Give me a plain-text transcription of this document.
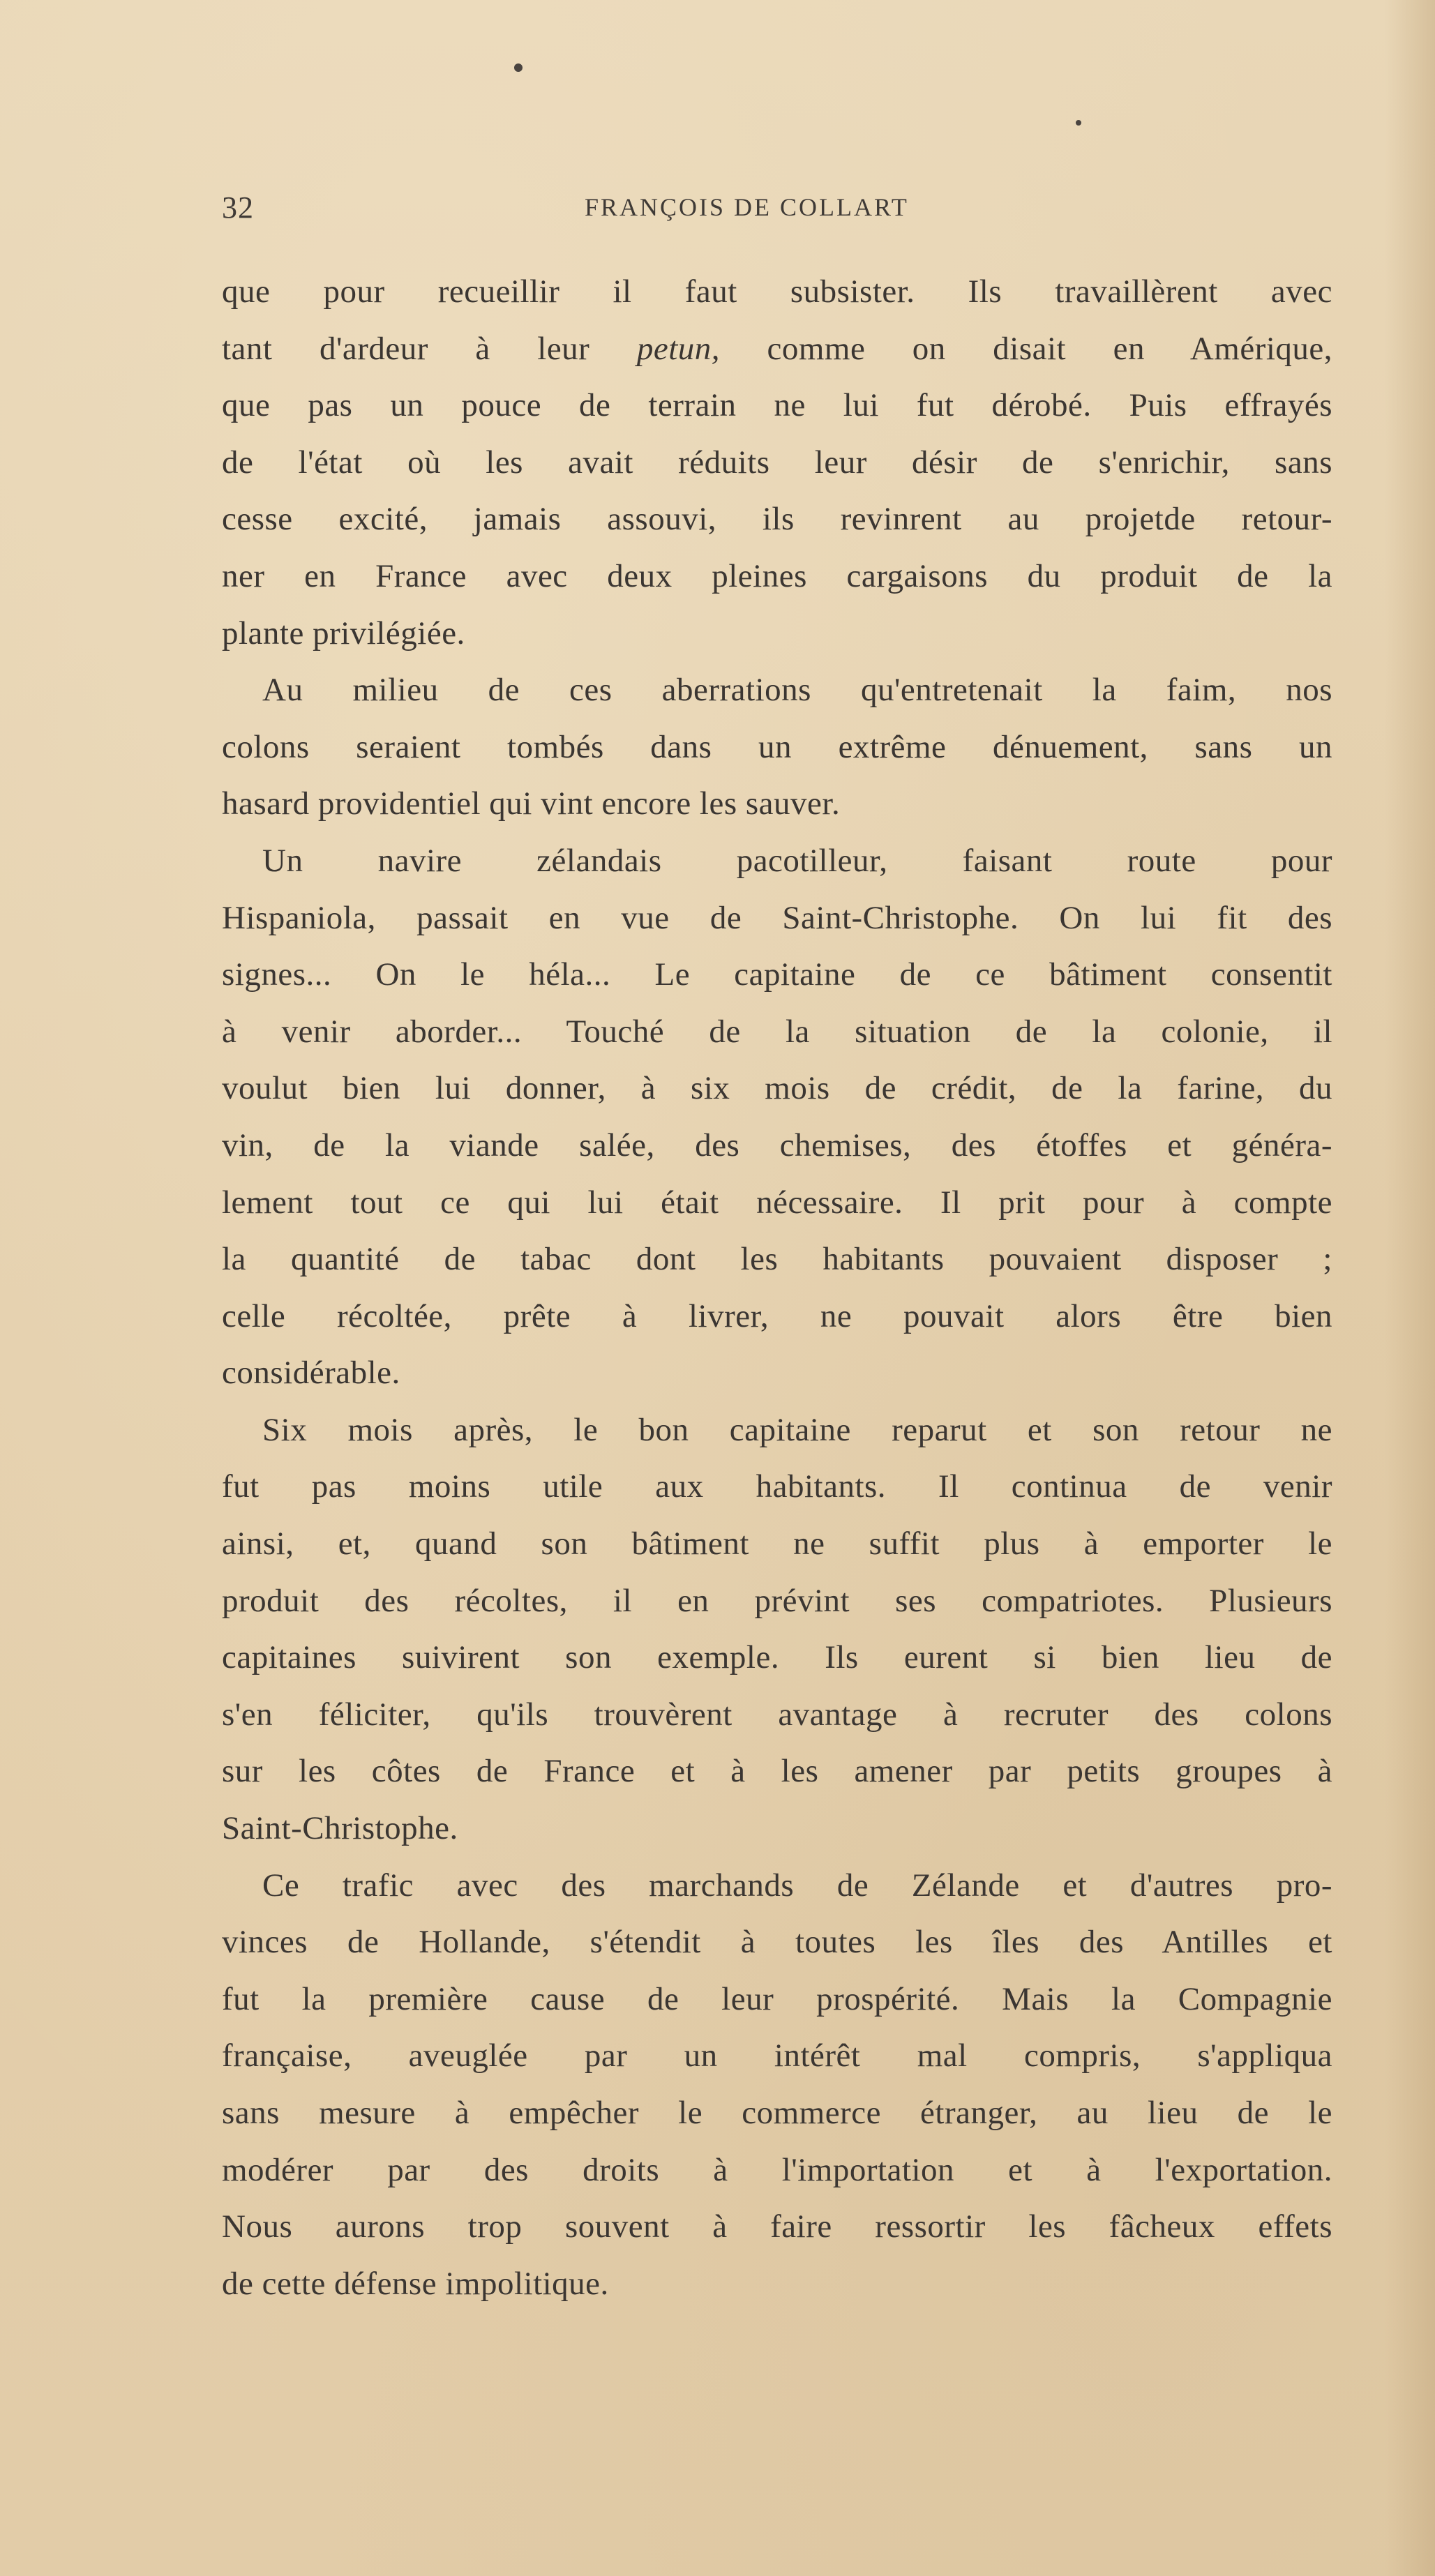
32	FRANÇOIS DE COLLART
que pour recueillir il faut subsister. Ils travaillèrent avec
tant d'ardeur à leur petun, comme on disait en Amérique,
que pas un pouce de terrain ne lui fut dérobé. Puis effrayés
de l'état où les avait réduits leur désir de s'enrichir, sans
cesse excité, jamais assouvi, ils revinrent au projetde retour-
ner en France avec deux pleines cargaisons du produit de la
plante privilégiée.
Au milieu de ces aberrations qu'entretenait la faim, nos
colons seraient tombés dans un extrême dénuement, sans un
hasard providentiel qui vint encore les sauver.
Un navire zélandais pacotilleur, faisant route pour
Hispaniola, passait en vue de Saint-Christophe. On lui fit des
signes... On le héla... Le capitaine de ce bâtiment consentit
à venir aborder... Touché de la situation de la colonie, il
voulut bien lui donner, à six mois de crédit, de la farine, du
vin, de la viande salée, des chemises, des étoffes et généra-
lement tout ce qui lui était nécessaire. Il prit pour à compte
la quantité de tabac dont les habitants pouvaient disposer ;
celle récoltée, prête à livrer, ne pouvait alors être bien
considérable.
Six mois après, le bon capitaine reparut et son retour ne
fut pas moins utile aux habitants. Il continua de venir
ainsi, et, quand son bâtiment ne suffit plus à emporter le
produit des récoltes, il en prévint ses compatriotes. Plusieurs
capitaines suivirent son exemple. Ils eurent si bien lieu de
s'en féliciter, qu'ils trouvèrent avantage à recruter des colons
sur les côtes de France et à les amener par petits groupes à
Saint-Christophe.
Ce trafic avec des marchands de Zélande et d'autres pro-
vinces de Hollande, s'étendit à toutes les îles des Antilles et
fut la première cause de leur prospérité. Mais la Compagnie
française, aveuglée par un intérêt mal compris, s'appliqua
sans mesure à empêcher le commerce étranger, au lieu de le
modérer par des droits à l'importation et à l'exportation.
Nous aurons trop souvent à faire ressortir les fâcheux effets
de cette défense impolitique.
